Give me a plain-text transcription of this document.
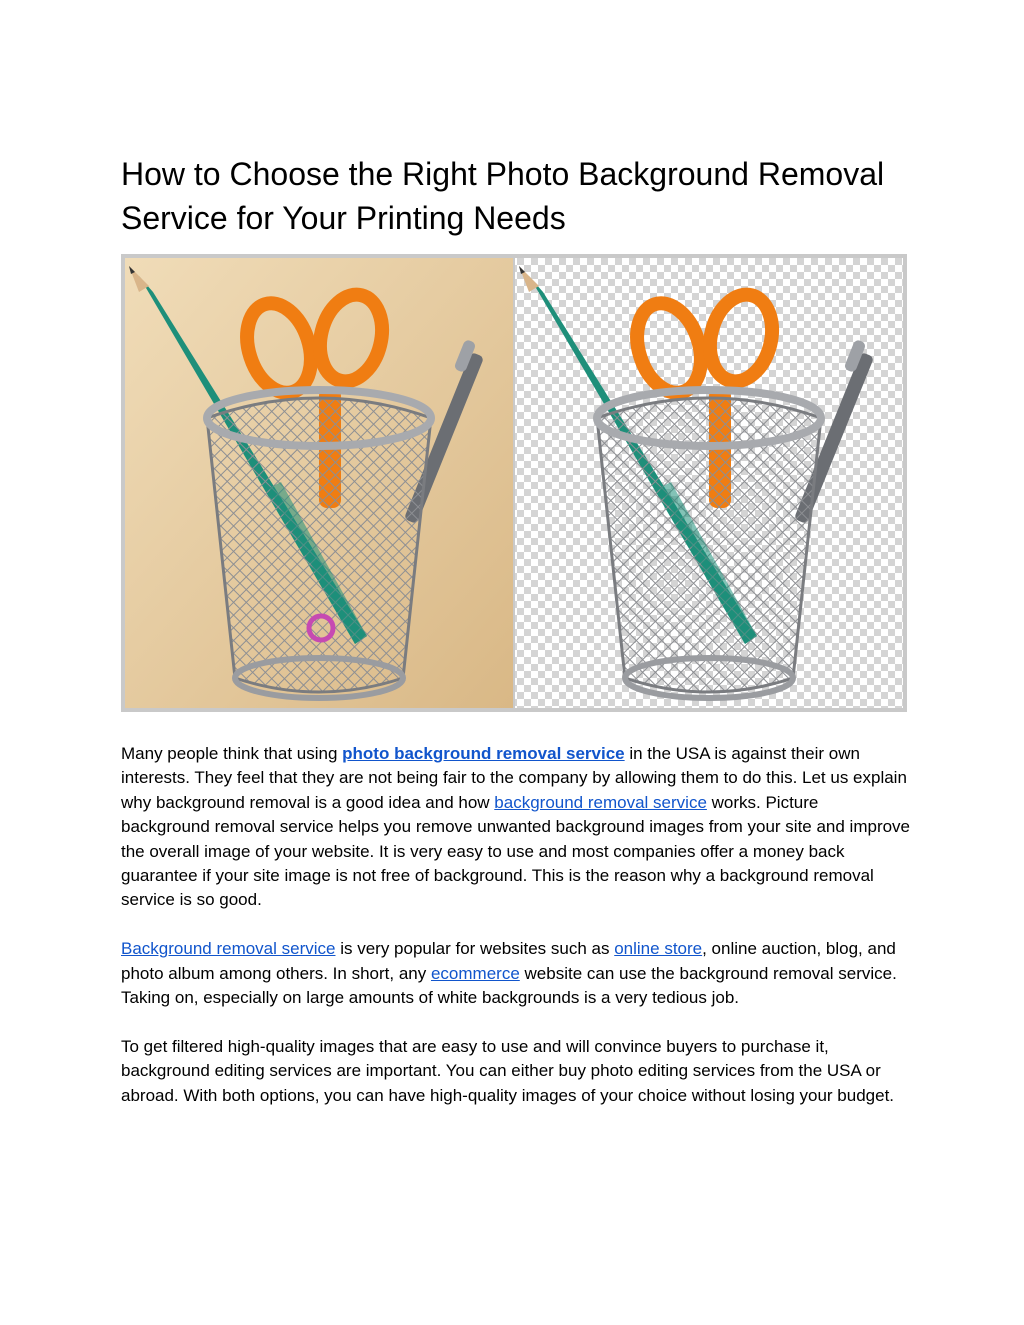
How to Choose the Right Photo Background Removal Service for Your Printing Needs

Many people think that using photo background removal service in the USA is against their own interests. They feel that they are not being fair to the company by allowing them to do this. Let us explain why background removal is a good idea and how background removal service works. Picture background removal service helps you remove unwanted background images from your site and improve the overall image of your website. It is very easy to use and most companies offer a money back guarantee if your site image is not free of background. This is the reason why a background removal service is so good.

Background removal service is very popular for websites such as online store, online auction, blog, and photo album among others. In short, any ecommerce website can use the background removal service. Taking on, especially on large amounts of white backgrounds is a very tedious job.

To get filtered high-quality images that are easy to use and will convince buyers to purchase it, background editing services are important. You can either buy photo editing services from the USA or abroad. With both options, you can have high-quality images of your choice without losing your budget.
